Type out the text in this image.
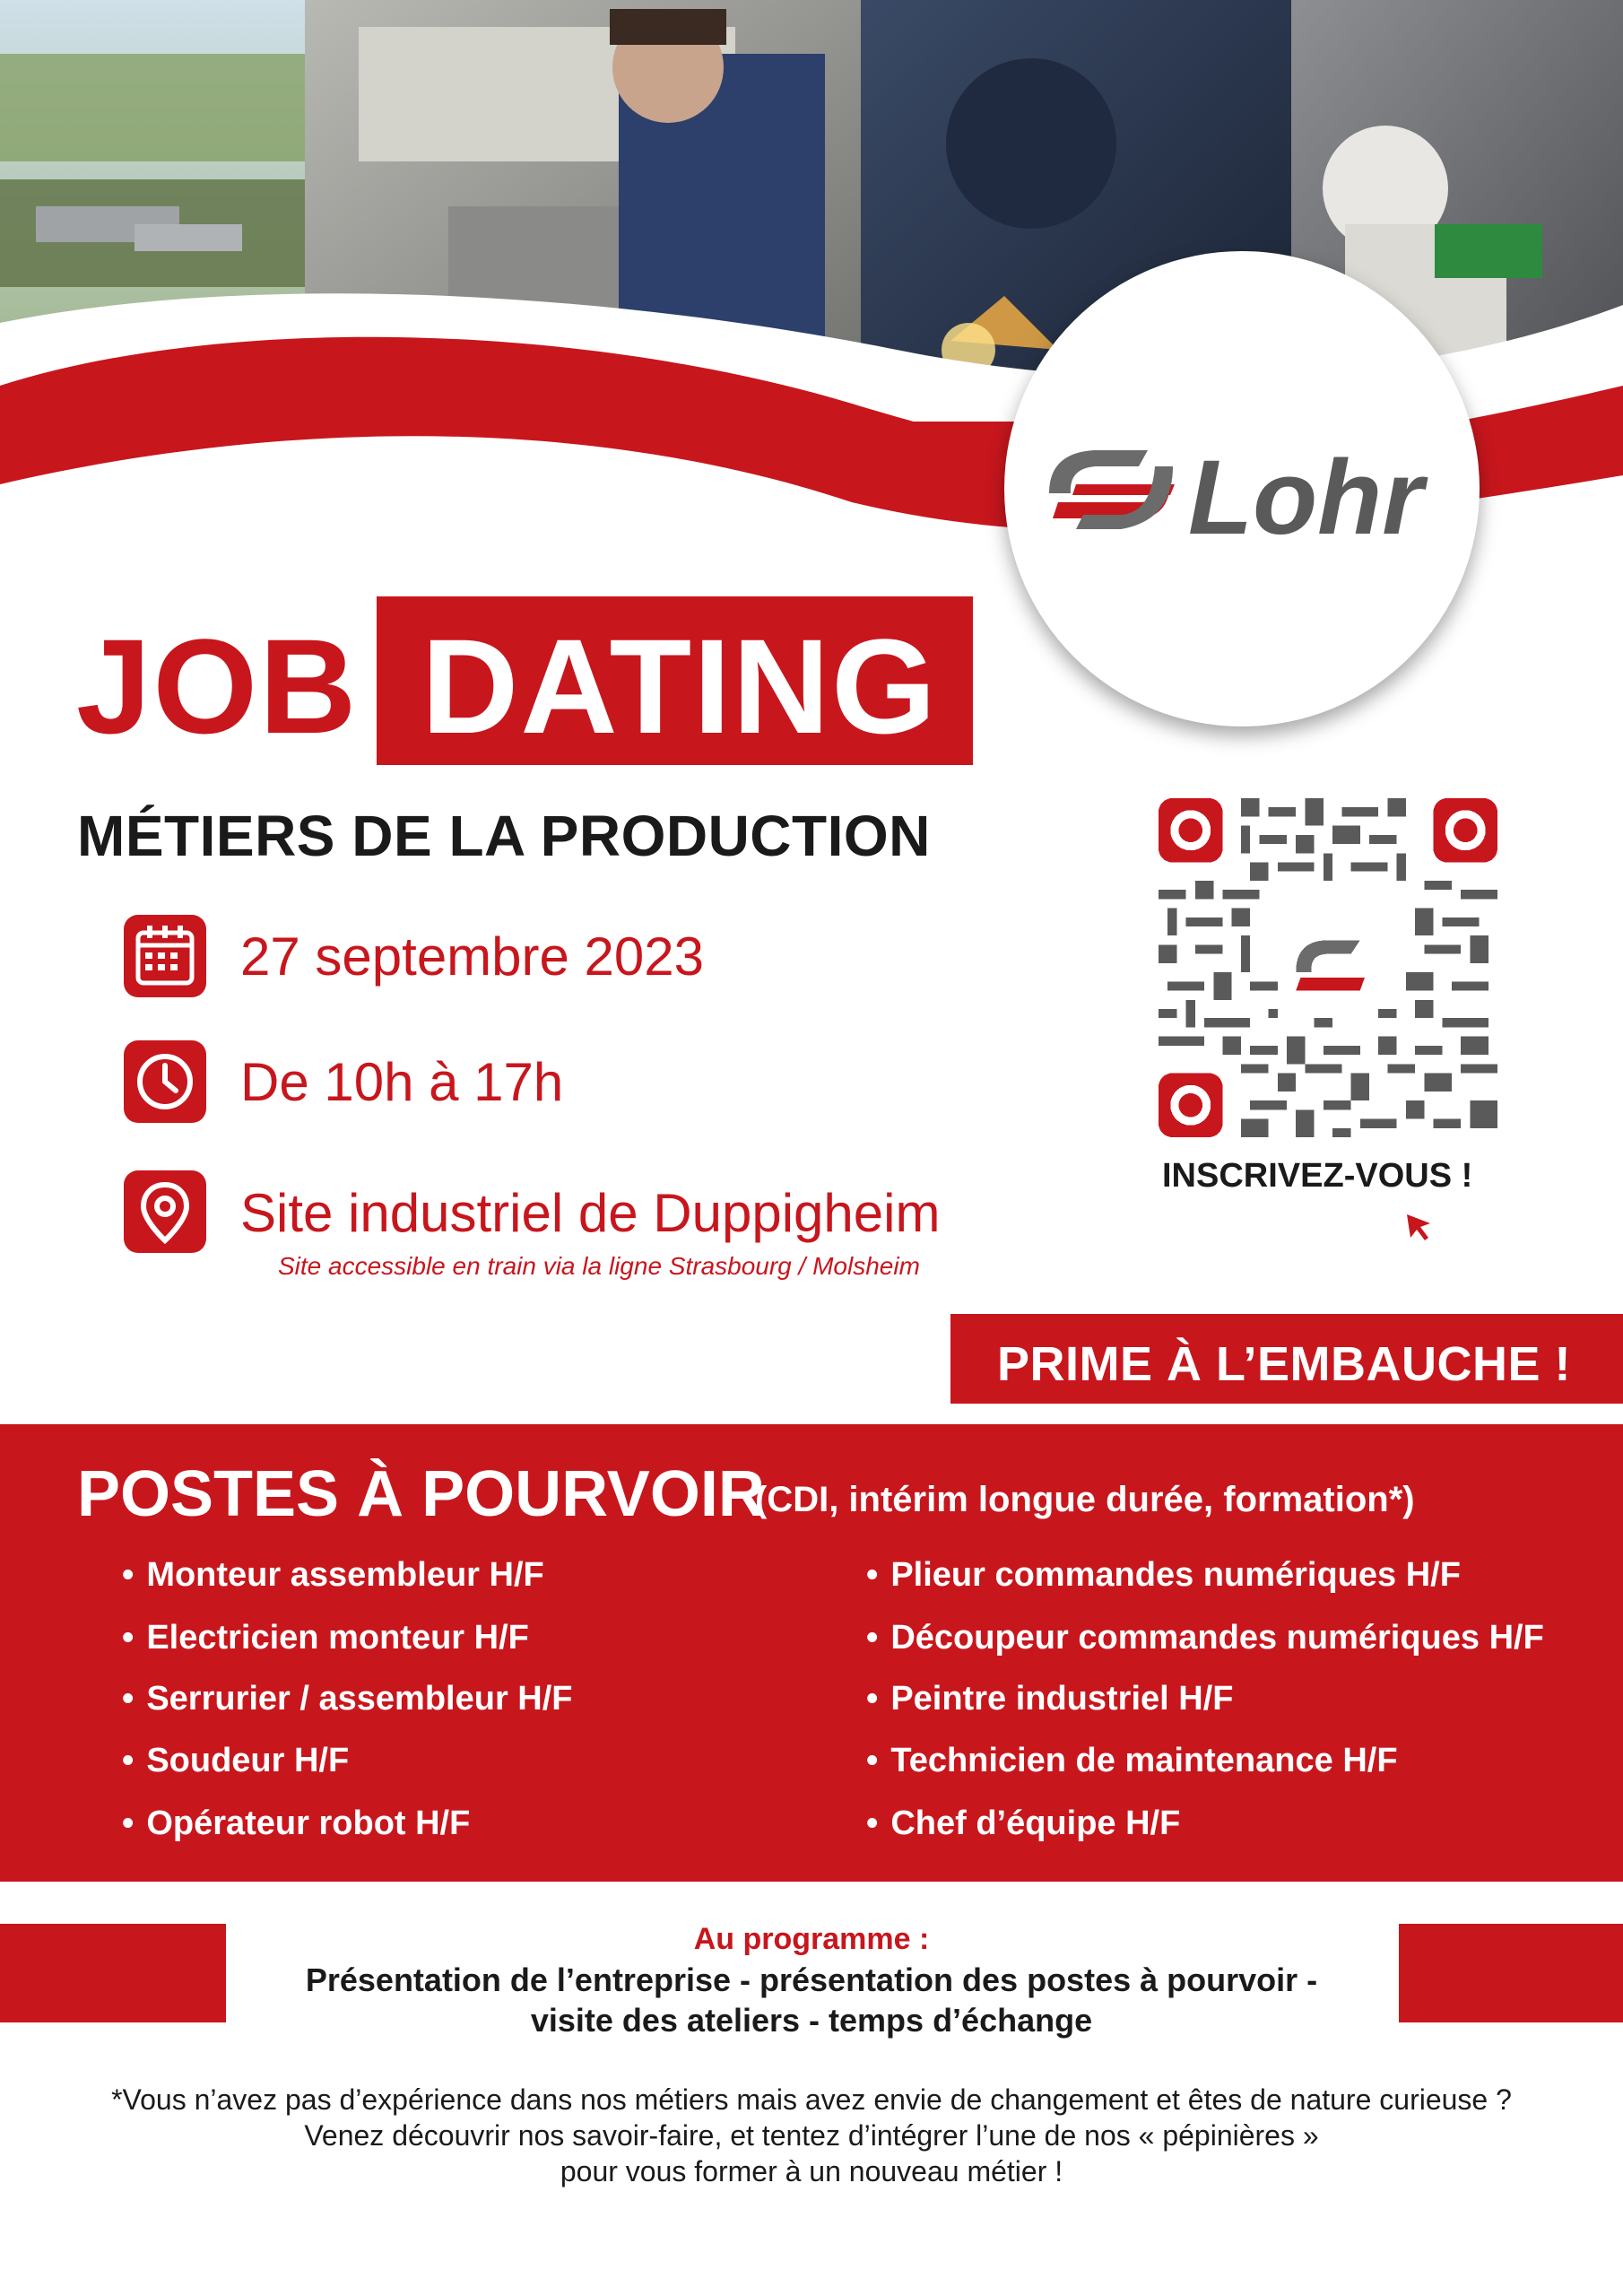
Lohr
JOB DATING
MÉTIERS DE LA PRODUCTION
27 septembre 2023
De 10h à 17h
Site industriel de Duppigheim
Site accessible en train via la ligne Strasbourg / Molsheim
INSCRIVEZ-VOUS !
PRIME À L’EMBAUCHE !
POSTES À POURVOIR
(CDI, intérim longue durée, formation*)
• Monteur assembleur H/F
• Electricien monteur H/F
• Serrurier / assembleur H/F
• Soudeur H/F
• Opérateur robot H/F
• Plieur commandes numériques H/F
• Découpeur commandes numériques H/F
• Peintre industriel H/F
• Technicien de maintenance H/F
• Chef d’équipe H/F
Au programme :
Présentation de l’entreprise - présentation des postes à pourvoir -
visite des ateliers - temps d’échange
*Vous n’avez pas d’expérience dans nos métiers mais avez envie de changement et êtes de nature curieuse ?
Venez découvrir nos savoir-faire, et tentez d’intégrer l’une de nos « pépinières »
pour vous former à un nouveau métier !
